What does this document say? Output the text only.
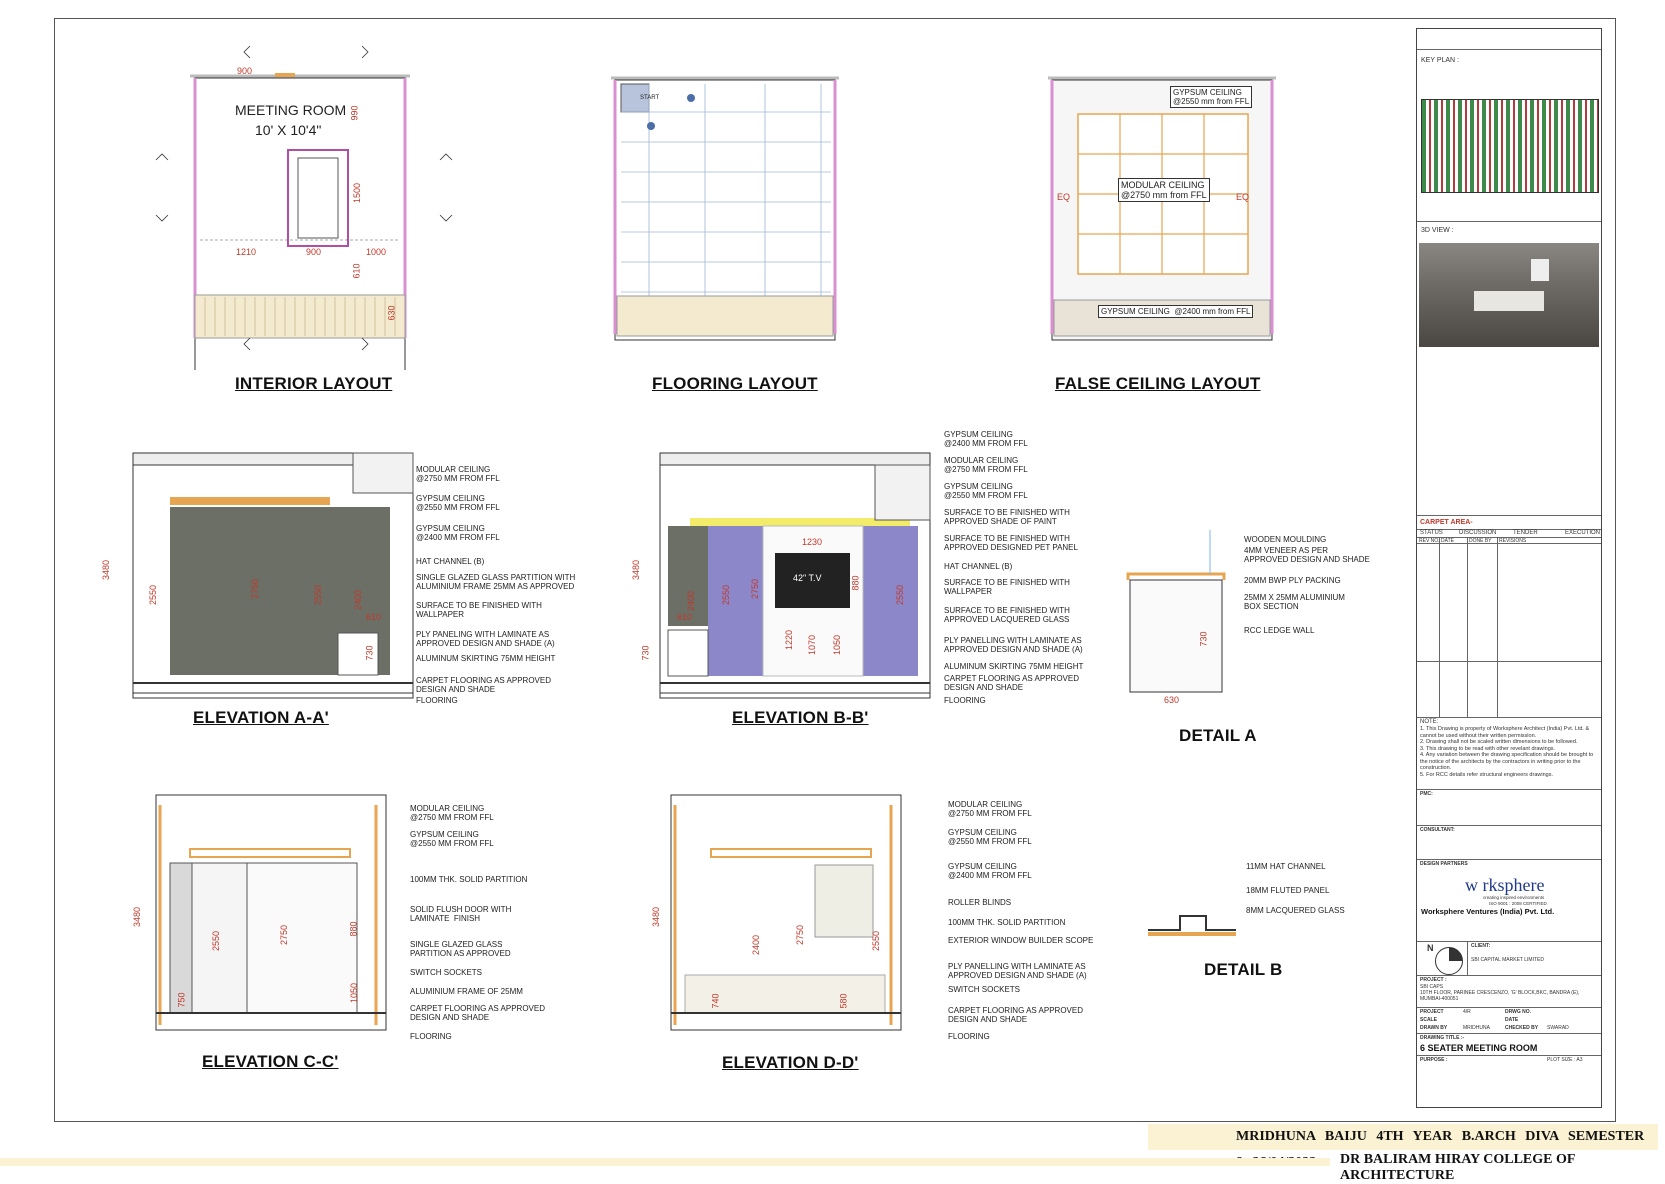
MEETING ROOM
10' X 10'4"
900
990
1500
1210	900	1000
610
630
INTERIOR LAYOUT
START
FLOORING LAYOUT
GYPSUM CEILING
@2550 mm from FFL
MODULAR CEILING
@2750 mm from FFL
GYPSUM CEILING  @2400 mm from FFL
EQ	EQ
FALSE CEILING LAYOUT
3480
2550	2750	2550	2400
610
730
MODULAR CEILING
@2750 MM FROM FFL
GYPSUM CEILING
@2550 MM FROM FFL
GYPSUM CEILING
@2400 MM FROM FFL
HAT CHANNEL (B)
SINGLE GLAZED GLASS PARTITION WITH
ALUMINIUM FRAME 25MM AS APPROVED
SURFACE TO BE FINISHED WITH
WALLPAPER
PLY PANELING WITH LAMINATE AS
APPROVED DESIGN AND SHADE (A)
ALUMINUM SKIRTING 75MM HEIGHT
CARPET FLOORING AS APPROVED
DESIGN AND SHADE
FLOORING
ELEVATION A-A'
42" T.V
3480
2400
610
730
2550 2750
1230
880
2550
1220 1070 1050
GYPSUM CEILING
@2400 MM FROM FFL
MODULAR CEILING
@2750 MM FROM FFL
GYPSUM CEILING
@2550 MM FROM FFL
SURFACE TO BE FINISHED WITH
APPROVED SHADE OF PAINT
SURFACE TO BE FINISHED WITH
APPROVED DESIGNED PET PANEL
HAT CHANNEL (B)
SURFACE TO BE FINISHED WITH
WALLPAPER
SURFACE TO BE FINISHED WITH
APPROVED LACQUERED GLASS
PLY PANELLING WITH LAMINATE AS
APPROVED DESIGN AND SHADE (A)
ALUMINUM SKIRTING 75MM HEIGHT
CARPET FLOORING AS APPROVED
DESIGN AND SHADE
FLOORING
ELEVATION B-B'
730
630
WOODEN MOULDING
4MM VENEER AS PER
APPROVED DESIGN AND SHADE
20MM BWP PLY PACKING
25MM X 25MM ALUMINIUM
BOX SECTION
RCC LEDGE WALL
DETAIL A
3480
2550	2750	880
750	1050
MODULAR CEILING
@2750 MM FROM FFL
GYPSUM CEILING
@2550 MM FROM FFL
100MM THK. SOLID PARTITION
SOLID FLUSH DOOR WITH
LAMINATE  FINISH
SINGLE GLAZED GLASS
PARTITION AS APPROVED
SWITCH SOCKETS
ALUMINIUM FRAME OF 25MM
CARPET FLOORING AS APPROVED
DESIGN AND SHADE
FLOORING
ELEVATION C-C'
3480
2400	2750	2550
740	580
MODULAR CEILING
@2750 MM FROM FFL
GYPSUM CEILING
@2550 MM FROM FFL
GYPSUM CEILING
@2400 MM FROM FFL
ROLLER BLINDS
100MM THK. SOLID PARTITION
EXTERIOR WINDOW BUILDER SCOPE
PLY PANELLING WITH LAMINATE AS
APPROVED DESIGN AND SHADE (A)
SWITCH SOCKETS
CARPET FLOORING AS APPROVED
DESIGN AND SHADE
FLOORING
ELEVATION D-D'
11MM HAT CHANNEL
18MM FLUTED PANEL
8MM LACQUERED GLASS
DETAIL B
KEY PLAN :
3D VIEW :
CARPET AREA-
STATUS	DISCUSSION	TENDER	EXECUTION
REV NO. DATE	DONE BY REVISIONS
NOTE:
1. This Drawing is property of Worksphere Architect (India) Pvt. Ltd. & cannot be used without their written permission.
2. Drawing shall not be scaled written dimensions to be followed.
3. This drawing to be read with other revelant drawings.
4. Any variation between the drawing specification should be brought to the notice of the architects by the contractors in writing prior to the construction.
5. For RCC details refer structural engineers drawings.
PMC:
CONSULTANT:
DESIGN PARTNERS
w rksphere
creating inspired environments
ISO 9001 : 2008 CERTIFIED
Worksphere Ventures (India) Pvt. Ltd.
N	CLIENT:
SBI CAPITAL MARKET LIMITED
PROJECT :
SBI CAPS
10TH FLOOR, PARINEE CRESCENZO, 'G' BLOCK,BKC, BANDRA (E), MUMBAI-400051
PROJECT	4/R	DRWG NO.
SCALE	DATE
DRAWN BY	MRIDHUNA	CHECKED BY SWARAD
DRAWING TITLE :-
6 SEATER MEETING ROOM
PURPOSE :	PLOT SIZE : A3
MRIDHUNA BAIJU 4TH YEAR B.ARCH DIVA SEMESTER
DR BALIRAM HIRAY COLLEGE OF ARCHITECTURE
